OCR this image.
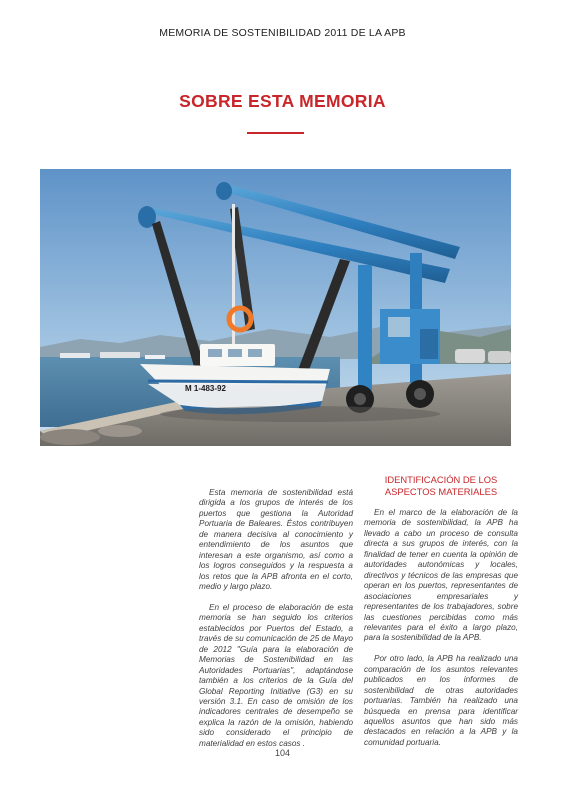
MEMORIA DE SOSTENIBILIDAD 2011 DE LA APB
SOBRE ESTA MEMORIA
M 1-483-92

Esta memoria de sostenibilidad está dirigida a los grupos de interés de los puertos que gestiona la Autoridad Portuaria de Baleares. Éstos contribuyen de manera decisiva al conocimiento y entendimiento de los asuntos que interesan a este organismo, así como a los logros conseguidos y la respuesta a los retos que la APB afronta en el corto, medio y largo plazo.

En el proceso de elaboración de esta memoria se han seguido los criterios establecidos por Puertos del Estado, a través de su comunicación de 25 de Mayo de 2012 "Guía para la elaboración de Memorias de Sostenibilidad en las Autoridades Portuarias", adaptándose también a los criterios de la Guía del Global Reporting Initiative (G3) en su versión 3.1. En caso de omisión de los indicadores centrales de desempeño se explica la razón de la omisión, habiendo sido considerado el principio de materialidad en estos casos .

IDENTIFICACIÓN DE LOS ASPECTOS MATERIALES

En el marco de la elaboración de la memoria de sostenibilidad, la APB ha llevado a cabo un proceso de consulta directa a sus grupos de interés, con la finalidad de tener en cuenta la opinión de autoridades autonómicas y locales, directivos y técnicos de las empresas que operan en los puertos, representantes de asociaciones empresariales y representantes de los trabajadores, sobre las cuestiones percibidas como más relevantes para el éxito a largo plazo, para la sostenibilidad de la APB.

Por otro lado, la APB ha realizado una comparación de los asuntos relevantes publicados en los informes de sostenibilidad de otras autoridades portuarias. También ha realizado una búsqueda en prensa para identificar aquellos asuntos que han sido más destacados en relación a la APB y la comunidad portuaria.

104
